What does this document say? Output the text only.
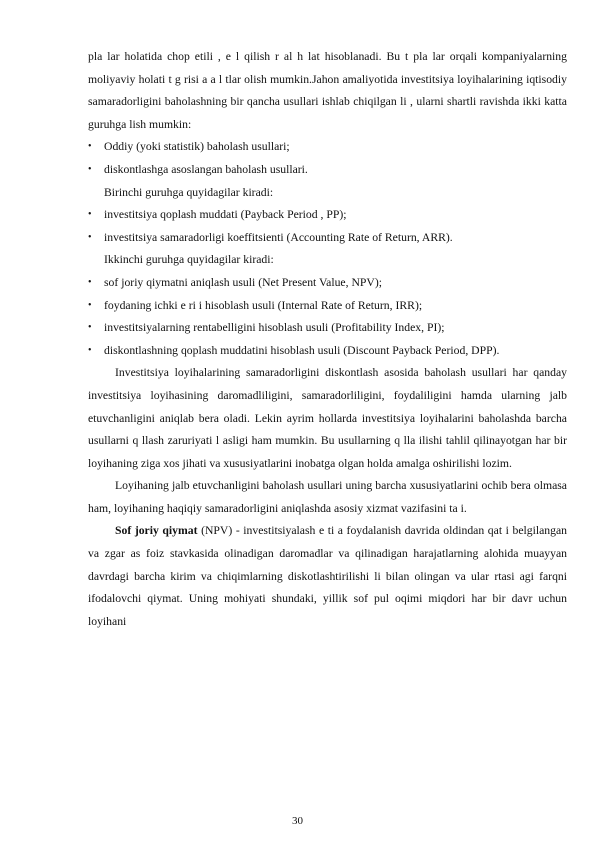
pla lar holatida chop etili , e l qilish r al h lat hisoblanadi. Bu t pla lar orqali kompaniyalarning moliyaviy holati t g risi a a l tlar olish mumkin.Jahon amaliyotida investitsiya loyihalarining iqtisodiy samaradorligini baholashning bir qancha usullari ishlab chiqilgan li , ularni shartli ravishda ikki katta guruhga lish mumkin:

• Oddiy (yoki statistik) baholash usullari;
• diskontlashga asoslangan baholash usullari.

Birinchi guruhga quyidagilar kiradi:

• investitsiya qoplash muddati (Payback Period , PP);
• investitsiya samaradorligi koeffitsienti (Accounting Rate of Return, ARR).

Ikkinchi guruhga quyidagilar kiradi:

• sof joriy qiymatni aniqlash usuli (Net Present Value, NPV);
• foydaning ichki e ri i hisoblash usuli (Internal Rate of Return, IRR);
• investitsiyalarning rentabelligini hisoblash usuli (Profitability Index, PI);
• diskontlashning qoplash muddatini hisoblash usuli (Discount Payback Period, DPP).

Investitsiya loyihalarining samaradorligini diskontlash asosida baholash usullari har qanday investitsiya loyihasining daromadliligini, samaradorliligini, foydaliligini hamda ularning jalb etuvchanligini aniqlab bera oladi. Lekin ayrim hollarda investitsiya loyihalarini baholashda barcha usullarni q llash zaruriyati l asligi ham mumkin. Bu usullarning q lla ilishi tahlil qilinayotgan har bir loyihaning ziga xos jihati va xususiyatlarini inobatga olgan holda amalga oshirilishi lozim.

Loyihaning jalb etuvchanligini baholash usullari uning barcha xususiyatlarini ochib bera olmasa ham, loyihaning haqiqiy samaradorligini aniqlashda asosiy xizmat vazifasini ta i.

Sof joriy qiymat (NPV) - investitsiyalash e ti a foydalanish davrida oldindan qat i belgilangan va zgar as foiz stavkasida olinadigan daromadlar va qilinadigan harajatlarning alohida muayyan davrdagi barcha kirim va chiqimlarning diskotlashtirilishi li bilan olingan va ular rtasi agi farqni ifodalovchi qiymat. Uning mohiyati shundaki, yillik sof pul oqimi miqdori har bir davr uchun loyihani

30
